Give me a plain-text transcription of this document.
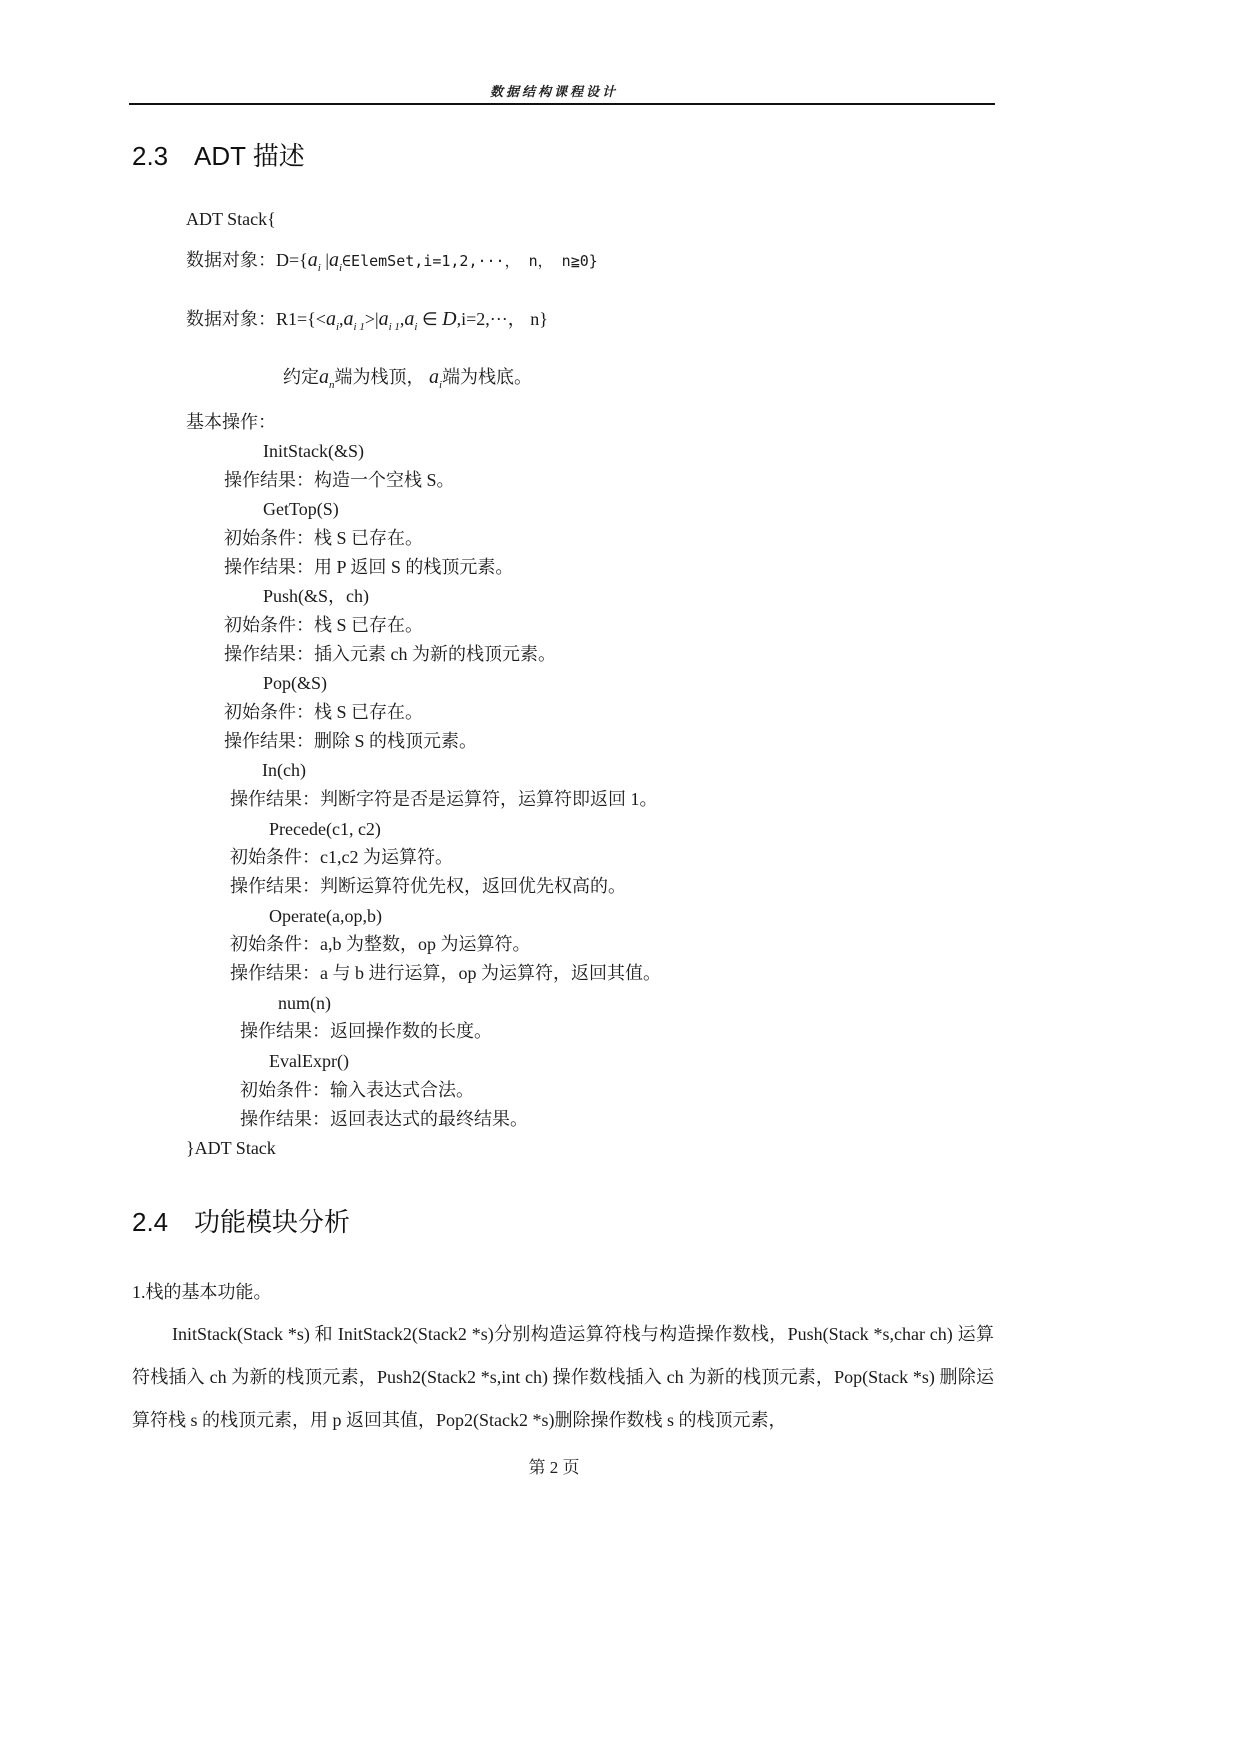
数据结构课程设计
2.3 ADT 描述
ADT Stack{
数据对象：$D=\{a_i$ $|a_i\in ElemSet,i=1,2,\cdot\cdot\cdot$， n， n≧0}
数据对象：$R1=\{<a_i,a_{i 1}>|a_{i 1},a_i$ ∈ D,i=2,···， n}
约定$a_n$端为栈顶， $a_i$端为栈底。
基本操作：
InitStack(&S)
操作结果：构造一个空栈 S。
GetTop(S)
初始条件：栈 S 已存在。
操作结果：用 P 返回 S 的栈顶元素。
Push(&S，ch)
初始条件：栈 S 已存在。
操作结果：插入元素 ch 为新的栈顶元素。
Pop(&S)
初始条件：栈 S 已存在。
操作结果：删除 S 的栈顶元素。
In(ch)
操作结果：判断字符是否是运算符，运算符即返回 1。
Precede(c1, c2)
初始条件：c1,c2 为运算符。
操作结果：判断运算符优先权，返回优先权高的。
Operate(a,op,b)
初始条件：a,b 为整数，op 为运算符。
操作结果：a 与 b 进行运算，op 为运算符，返回其值。
num(n)
操作结果：返回操作数的长度。
EvalExpr()
初始条件：输入表达式合法。
操作结果：返回表达式的最终结果。
}ADT Stack
2.4 功能模块分析
1.栈的基本功能。

InitStack(Stack *s) 和 InitStack2(Stack2 *s)分别构造运算符栈与构造操作数栈，Push(Stack *s,char ch) 运算符栈插入 ch 为新的栈顶元素，Push2(Stack2 *s,int ch) 操作数栈插入 ch 为新的栈顶元素，Pop(Stack *s) 删除运算符栈 s 的栈顶元素，用 p 返回其值，Pop2(Stack2 *s)删除操作数栈 s 的栈顶元素，

第 2 页
